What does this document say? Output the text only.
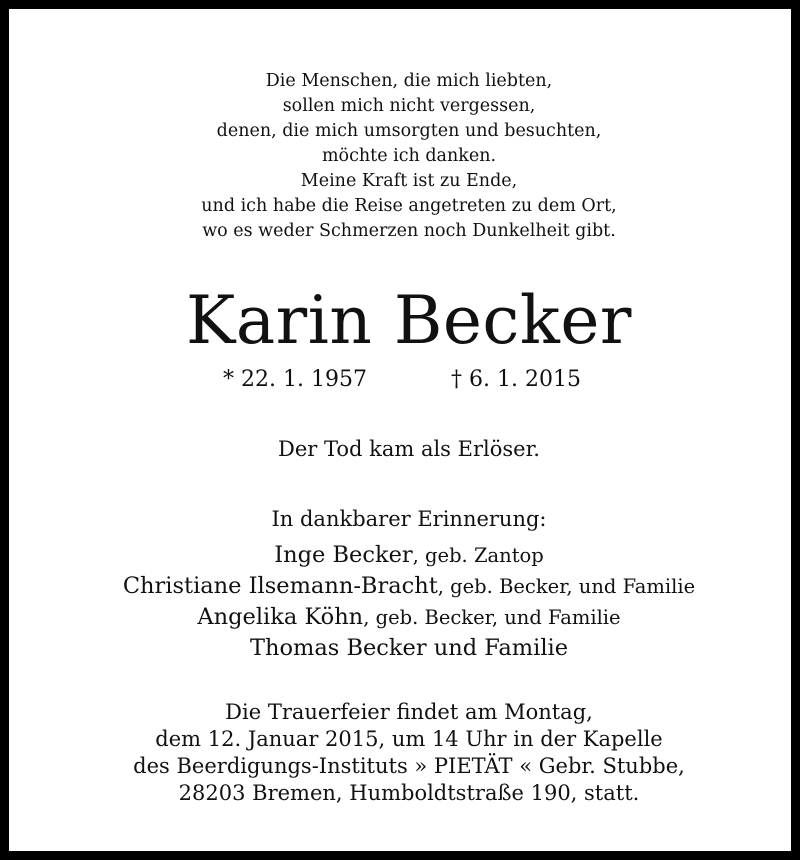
Die Menschen, die mich liebten,
sollen mich nicht vergessen,
denen, die mich umsorgten und besuchten,
möchte ich danken.
Meine Kraft ist zu Ende,
und ich habe die Reise angetreten zu dem Ort,
wo es weder Schmerzen noch Dunkelheit gibt.
Karin Becker
* 22. 1. 1957	† 6. 1. 2015
Der Tod kam als Erlöser.
In dankbarer Erinnerung:
Inge Becker, geb. Zantop
Christiane Ilsemann-Bracht, geb. Becker, und Familie
Angelika Köhn, geb. Becker, und Familie
Thomas Becker und Familie
Die Trauerfeier findet am Montag,
dem 12. Januar 2015, um 14 Uhr in der Kapelle
des Beerdigungs-Instituts » PIETÄT « Gebr. Stubbe,
28203 Bremen, Humboldtstraße 190, statt.
